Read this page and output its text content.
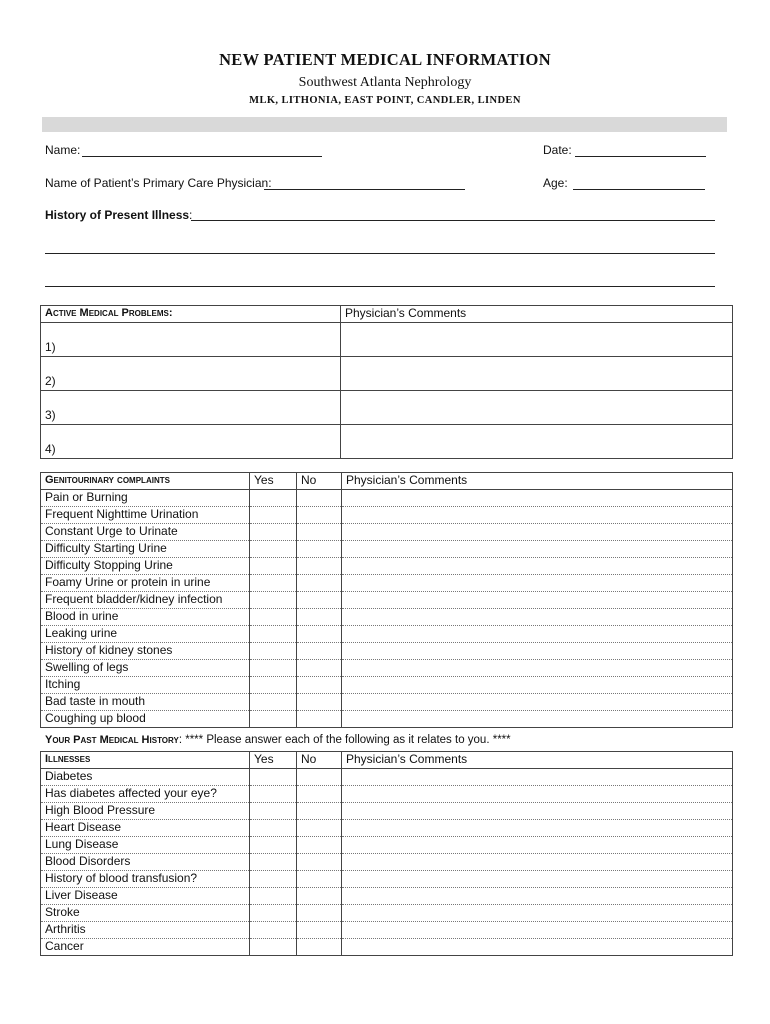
NEW PATIENT MEDICAL INFORMATION
Southwest Atlanta Nephrology
MLK, LITHONIA, EAST POINT, CANDLER, LINDEN
Name:	Date:
Name of Patient’s Primary Care Physician:	Age:
History of Present Illness:
Active Medical Problems:	Physician’s Comments
1)	
2)	
3)	
4)	
Genitourinary complaints	Yes	No	Physician’s Comments
Pain or Burning			
Frequent Nighttime Urination			
Constant Urge to Urinate			
Difficulty Starting Urine			
Difficulty Stopping Urine			
Foamy Urine or protein in urine			
Frequent bladder/kidney infection			
Blood in urine			
Leaking urine			
History of kidney stones			
Swelling of legs			
Itching			
Bad taste in mouth			
Coughing up blood			
Your Past Medical History: **** Please answer each of the following as it relates to you. ****
Illnesses	Yes	No	Physician’s Comments
Diabetes			
Has diabetes affected your eye?			
High Blood Pressure			
Heart Disease			
Lung Disease			
Blood Disorders			
History of blood transfusion?			
Liver Disease			
Stroke			
Arthritis			
Cancer			
